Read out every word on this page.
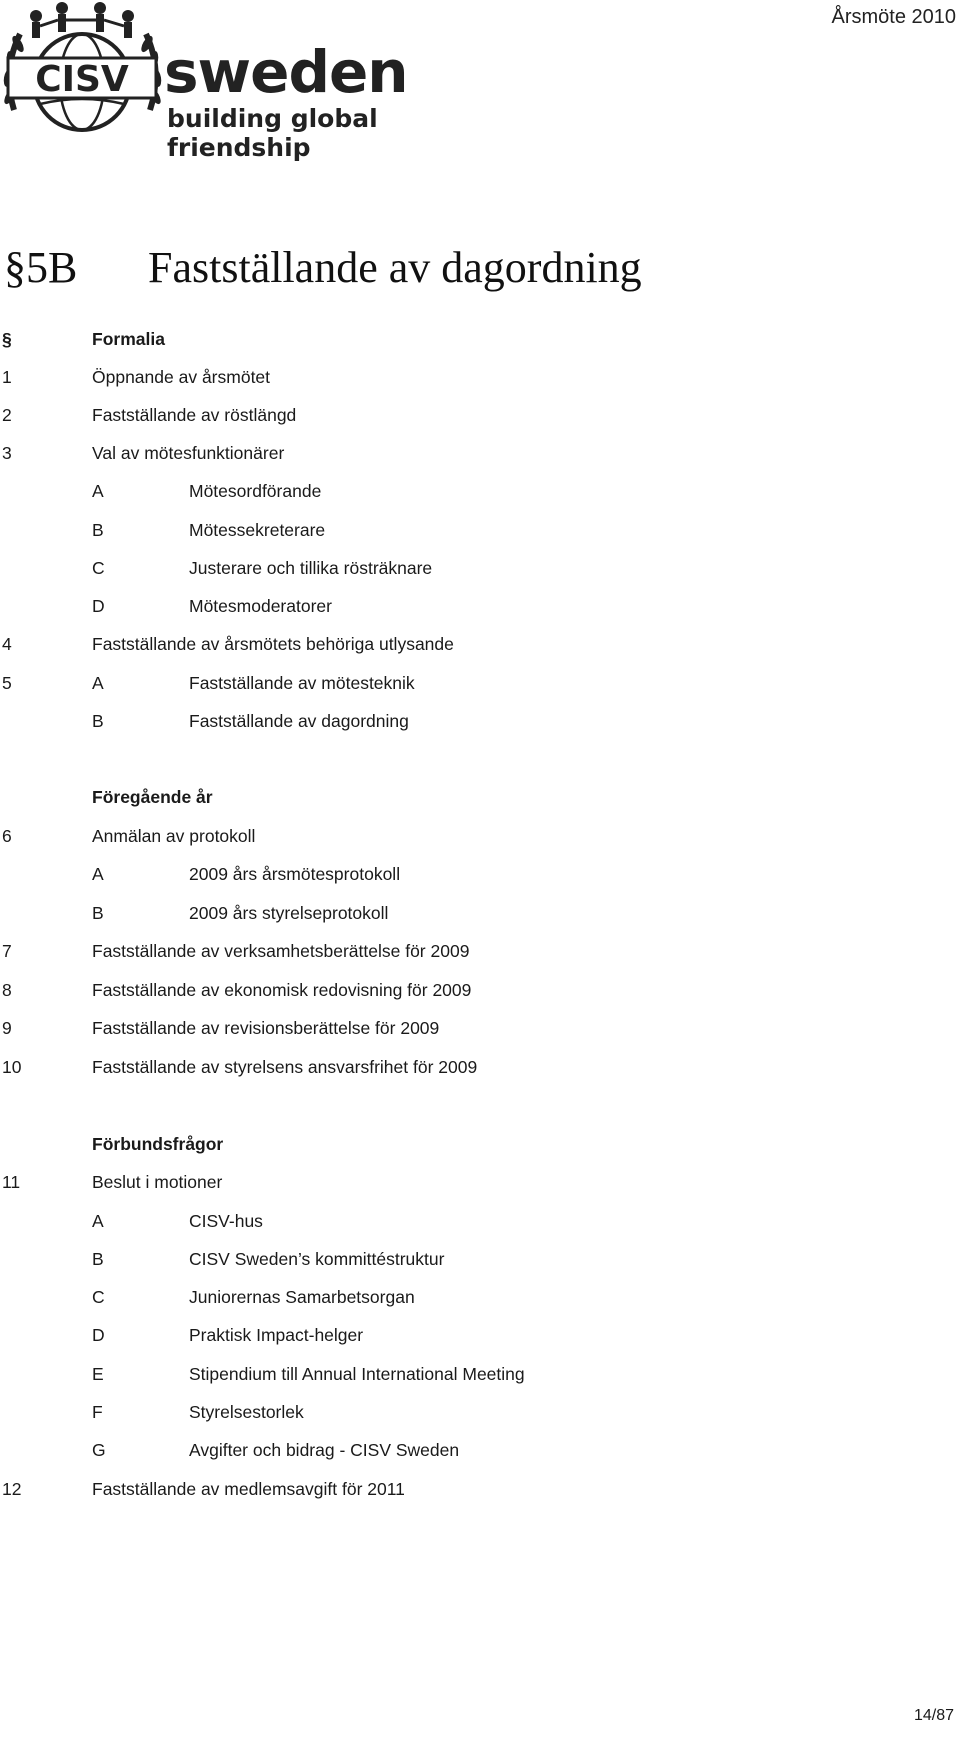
CISV sweden
building global friendship
Årsmöte 2010
§5B Fastställande av dagordning
§	Formalia
1	Öppnande av årsmötet
2	Fastställande av röstlängd
3	Val av mötesfunktionärer
A	Mötesordförande
B	Mötessekreterare
C	Justerare och tillika rösträknare
D	Mötesmoderatorer
4	Fastställande av årsmötets behöriga utlysande
5	A	Fastställande av mötesteknik
B	Fastställande av dagordning
Föregående år
6	Anmälan av protokoll
A	2009 års årsmötesprotokoll
B	2009 års styrelseprotokoll
7	Fastställande av verksamhetsberättelse för 2009
8	Fastställande av ekonomisk redovisning för 2009
9	Fastställande av revisionsberättelse för 2009
10	Fastställande av styrelsens ansvarsfrihet för 2009
Förbundsfrågor
11	Beslut i motioner
A	CISV-hus
B	CISV Sweden’s kommittéstruktur
C	Juniorernas Samarbetsorgan
D	Praktisk Impact-helger
E	Stipendium till Annual International Meeting
F	Styrelsestorlek
G	Avgifter och bidrag - CISV Sweden
12	Fastställande av medlemsavgift för 2011
14/87
